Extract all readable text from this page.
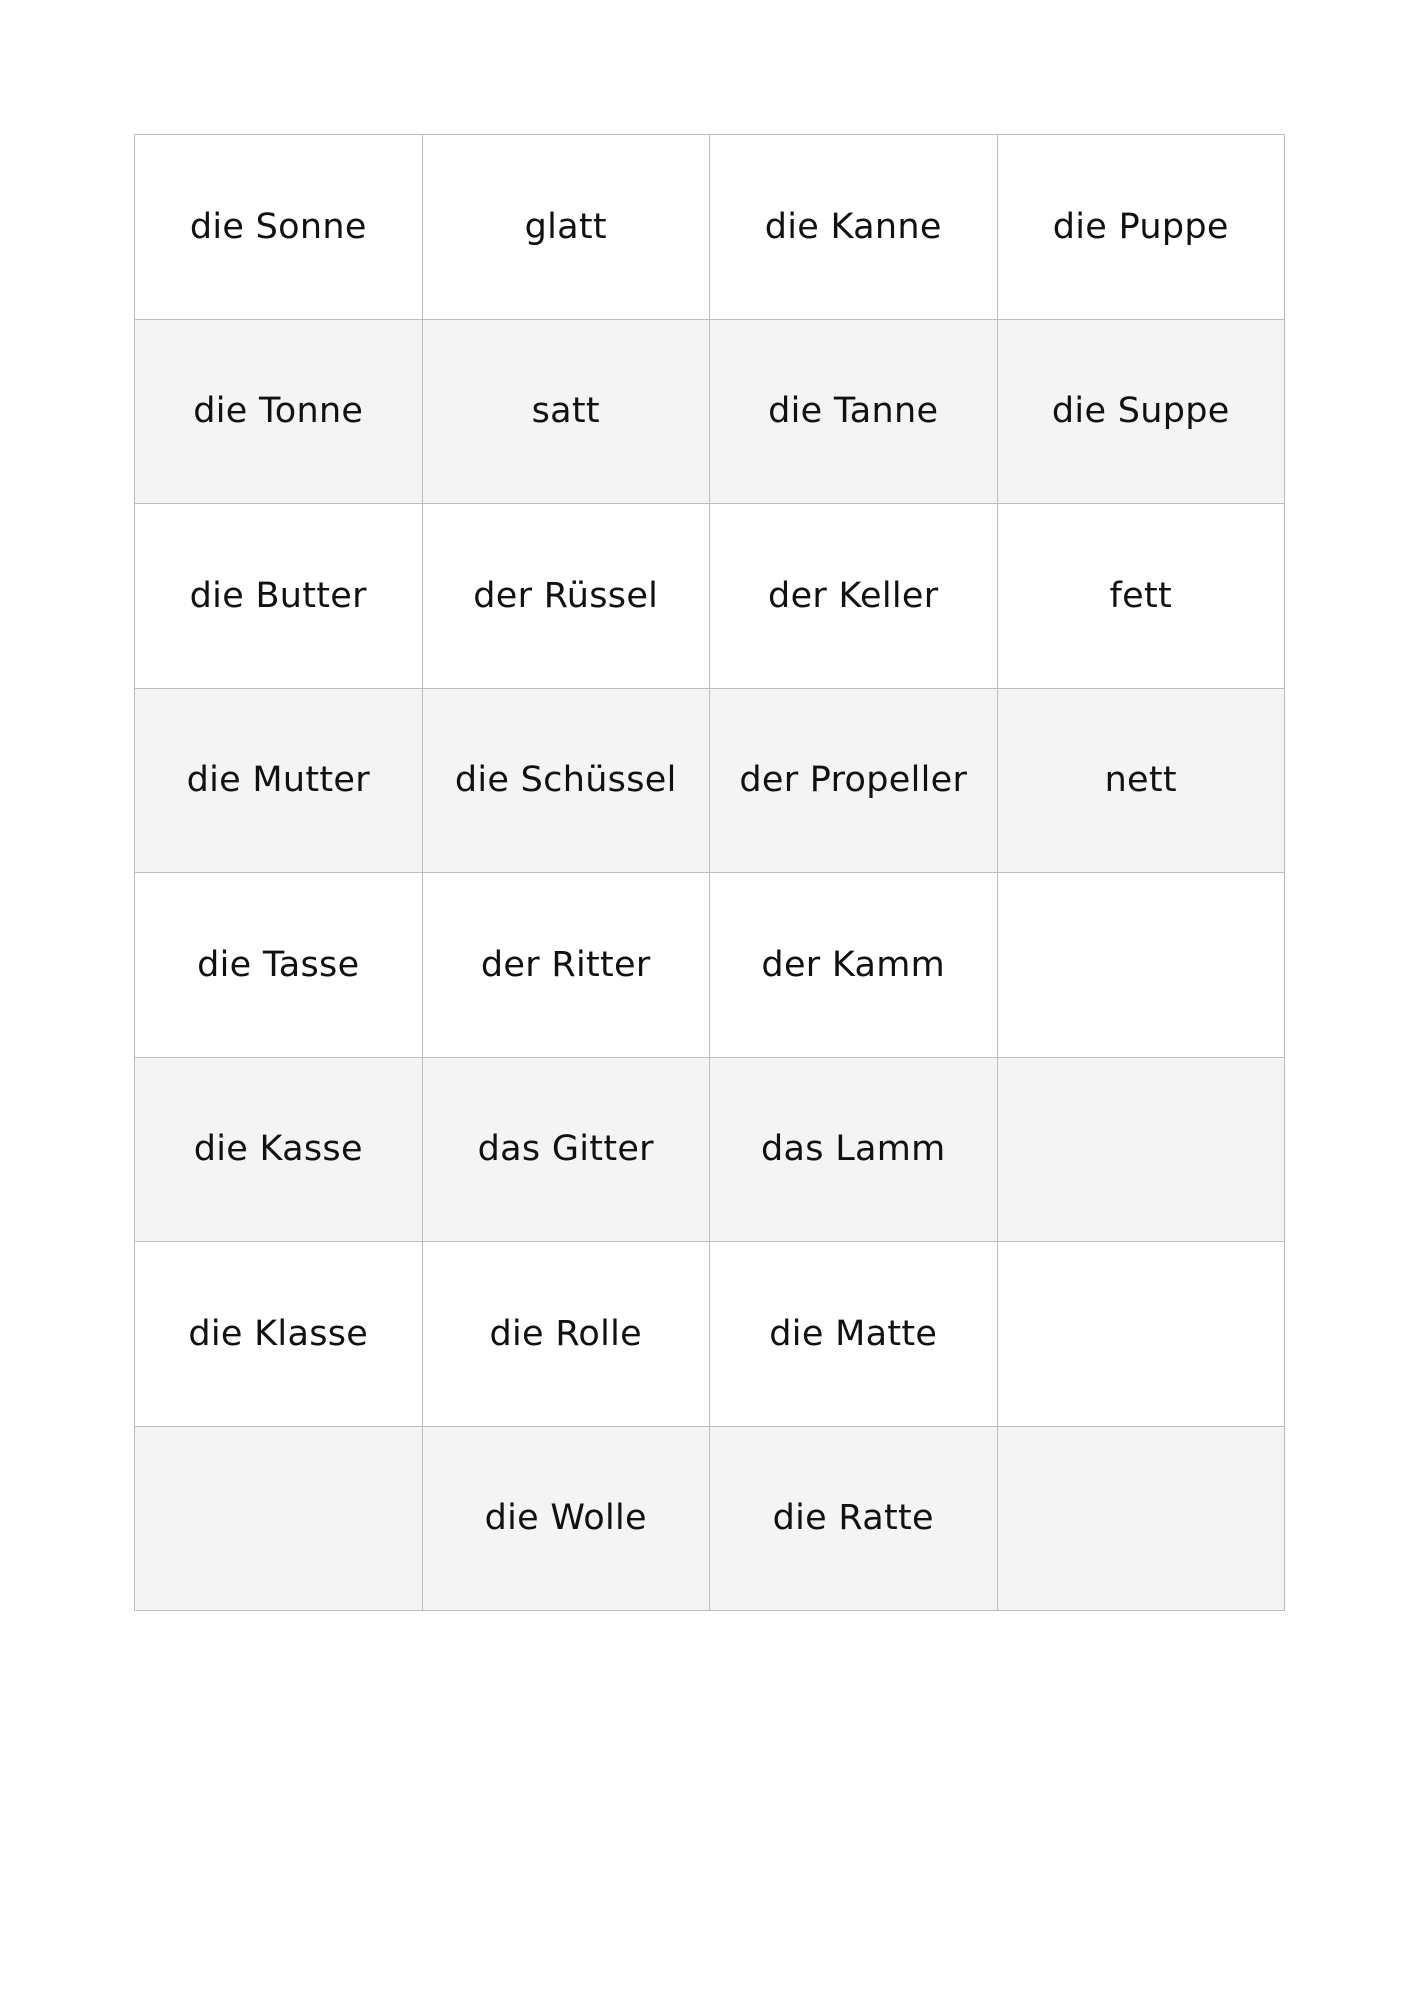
die Sonne	glatt	die Kanne	die Puppe
die Tonne	satt	die Tanne	die Suppe
die Butter	der Rüssel	der Keller	fett
die Mutter	die Schüssel	der Propeller	nett
die Tasse	der Ritter	der Kamm	
die Kasse	das Gitter	das Lamm	
die Klasse	die Rolle	die Matte	
	die Wolle	die Ratte	
